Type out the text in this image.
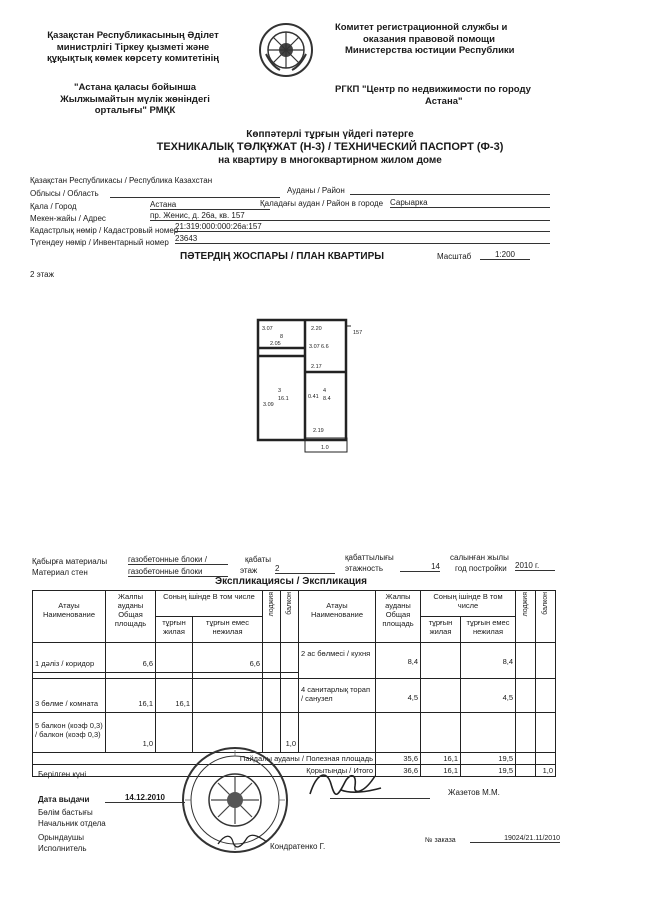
Қазақстан Республикасының Әділет
министрлігі Тіркеу қызметі және
құқықтық көмек көрсету комитетінің
Комитет регистрационной службы и
оказания правовой помощи
Министерства юстиции Республики
"Астана қаласы бойынша
Жылжымайтын мүлік жөніндегі
орталығы" РМҚК
РГКП "Центр по недвижимости по городу
Астана"
Көппәтерлі тұрғын үйдегі пәтерге
ТЕХНИКАЛЫҚ ТӨЛҚҰЖАТ (Н-3) / ТЕХНИЧЕСКИЙ ПАСПОРТ (Ф-3)
на квартиру в многоквартирном жилом доме
Қазақстан Республикасы / Республика Казахстан
Облысы / Область	Ауданы / Район
Қала / Город	Астана	Қаладағы аудан / Район в городе Сарыарка
Мекен-жайы / Адрес	пр. Женис, д. 26а, кв. 157
Кадастрлық нөмір / Кадастровый номер
21:319:000:000:26а:157
Түгендеу нөмір / Инвентарный номер 23643
ПӘТЕРДІҢ ЖОСПАРЫ / ПЛАН КВАРТИРЫ	Масштаб	1:200
2 этаж
3.07	2.20
157
8
2.05	3.07 6.6
2.17
3
16.1
3.09
4
8.4
0.41
2.19
1.0
Қабырға материалы
Материал стен
газобетонные блоки /
газобетонные блоки
қабаты
этаж 2
қабаттылығы
этажность	14
салынған жылы
год постройки 2010 г.
Экспликациясы / Экспликация
Атауы Наименование	Жалпы ауданы Общая площадь	Соның ішінде В том числе		лоджия	балкон	Атауы Наименование	Жалпы ауданы Общая площадь	Соның ішінде В том числе		лоджия	балкон
		тұрғын жилая	тұрғын емес нежилая					тұрғын жилая	тұрғын емес нежилая		
1 дәліз / коридор	6,6		6,6			2 ас бөлмесі / кухня	8,4		8,4		

3 бөлме / комната	16,1	16,1				4 санитарлық торап / санузел	4,5		4,5		
5 балкон (коэф 0,3) / балкон (коэф 0,3)	1,0				1,0						
Пайдалы ауданы / Полезная площадь							35,6	16,1	19,5		
Қорытынды / Итого							36,6	16,1	19,5		1,0
Берілген күні
Дата выдачи	14.12.2010
Бөлім бастығы
Начальник отдела
Орындаушы
Исполнитель
Жазетов М.М.
Кондратенко Г.
№ заказа	19024/21.11/2010
